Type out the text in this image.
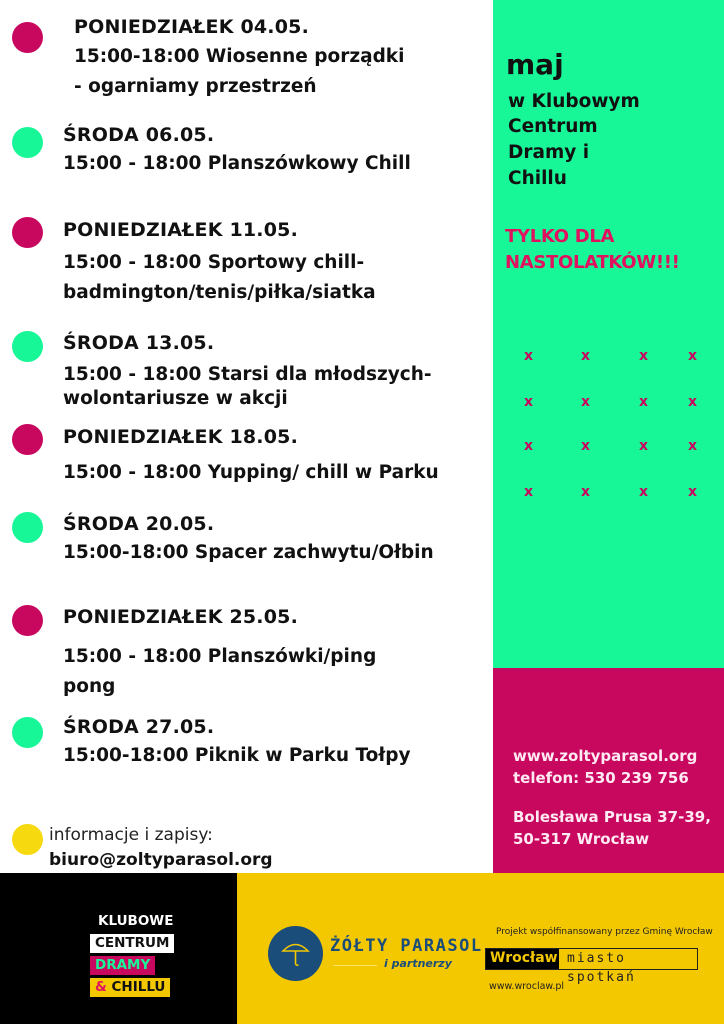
PONIEDZIAŁEK 04.05.
15:00-18:00 Wiosenne porządki
- ogarniamy przestrzeń
ŚRODA 06.05.
15:00 - 18:00 Planszówkowy Chill
PONIEDZIAŁEK 11.05.
15:00 - 18:00 Sportowy chill-
badmington/tenis/piłka/siatka
ŚRODA 13.05.
15:00 - 18:00 Starsi dla młodszych-
wolontariusze w akcji
PONIEDZIAŁEK 18.05.
15:00 - 18:00 Yupping/ chill w Parku
ŚRODA 20.05.
15:00-18:00 Spacer zachwytu/Ołbin
PONIEDZIAŁEK 25.05.
15:00 - 18:00 Planszówki/ping
pong
ŚRODA 27.05.
15:00-18:00 Piknik w Parku Tołpy
informacje i zapisy:
biuro@zoltyparasol.org
maj
w Klubowym
Centrum
Dramy i
Chillu
TYLKO DLA
NASTOLATKÓW!!!
x	x	x	x
x	x	x	x
x	x	x	x
x	x	x	x
www.zoltyparasol.org
telefon: 530 239 756
Bolesława Prusa 37-39,
50-317 Wrocław
KLUBOWE
CENTRUM
DRAMY
& CHILLU
ŻÓŁTY PARASOL
i partnerzy
Projekt współfinansowany przez Gminę Wrocław
Wrocław miasto spotkań
www.wroclaw.pl
